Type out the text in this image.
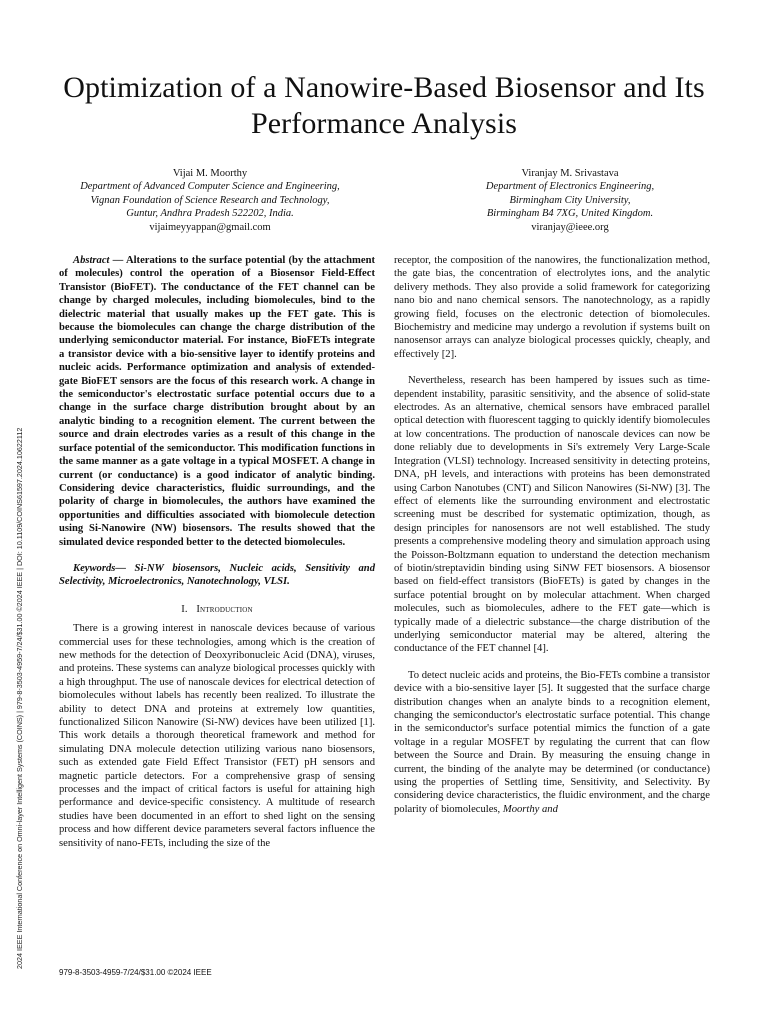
Optimization of a Nanowire-Based Biosensor and Its Performance Analysis
Vijai M. Moorthy
Department of Advanced Computer Science and Engineering,
Vignan Foundation of Science Research and Technology,
Guntur, Andhra Pradesh 522202, India.
vijaimeyyappan@gmail.com
Viranjay M. Srivastava
Department of Electronics Engineering,
Birmingham City University,
Birmingham B4 7XG, United Kingdom.
viranjay@ieee.org
2024 IEEE International Conference on Omni-layer Intelligent Systems (COINS) | 979-8-3503-4959-7/24/$31.00 ©2024 IEEE | DOI: 10.1109/COINS61597.2024.10622112

Abstract — Alterations to the surface potential (by the attachment of molecules) control the operation of a Biosensor Field-Effect Transistor (BioFET). The conductance of the FET channel can be change by charged molecules, including biomolecules, bind to the dielectric material that usually makes up the FET gate. This is because the biomolecules can change the charge distribution of the underlying semiconductor material. For instance, BioFETs integrate a transistor device with a bio-sensitive layer to identify proteins and nucleic acids. Performance optimization and analysis of extended-gate BioFET sensors are the focus of this research work. A change in the semiconductor's electrostatic surface potential occurs due to a change in the surface charge distribution brought about by an analytic binding to a recognition element. The current between the source and drain electrodes varies as a result of this change in the surface potential of the semiconductor. This modification functions in the same manner as a gate voltage in a typical MOSFET. A change in current (or conductance) is a good indicator of analytic binding. Considering device characteristics, fluidic surroundings, and the polarity of charge in biomolecules, the authors have examined the opportunities and difficulties associated with biomolecule detection using Si-Nanowire (NW) biosensors. The results showed that the simulated device responded better to the detected biomolecules.

Keywords— Si-NW biosensors, Nucleic acids, Sensitivity and Selectivity, Microelectronics, Nanotechnology, VLSI.

I. Introduction

There is a growing interest in nanoscale devices because of various commercial uses for these technologies, among which is the creation of new methods for the detection of Deoxyribonucleic Acid (DNA), viruses, and proteins. These systems can analyze biological processes quickly with a high throughput. The use of nanoscale devices for electrical detection of biomolecules without labels has recently been realized. To illustrate the ability to detect DNA and proteins at extremely low quantities, functionalized Silicon Nanowire (Si-NW) devices have been utilized [1]. This work details a thorough theoretical framework and method for simulating DNA molecule detection utilizing various nano biosensors, such as extended gate Field Effect Transistor (FET) pH sensors and magnetic particle detectors. For a comprehensive grasp of sensing processes and the impact of critical factors is useful for attaining high performance and device-specific consistency. A multitude of research studies have been documented in an effort to shed light on the sensing process and how different device parameters several factors influence the sensitivity of nano-FETs, including the size of the

receptor, the composition of the nanowires, the functionalization method, the gate bias, the concentration of electrolytes ions, and the analytic delivery methods. They also provide a solid framework for categorizing nano bio and nano chemical sensors. The nanotechnology, as a rapidly growing field, focuses on the electronic detection of biomolecules. Biochemistry and medicine may undergo a revolution if systems built on nanosensor arrays can analyze biological processes quickly, cheaply, and effectively [2].

Nevertheless, research has been hampered by issues such as time-dependent instability, parasitic sensitivity, and the absence of solid-state electrodes. As an alternative, chemical sensors have embraced parallel optical detection with fluorescent tagging to quickly identify biomolecules at low concentrations. The production of nanoscale devices can now be done reliably due to developments in Si's extremely Very Large-Scale Integration (VLSI) technology. Increased sensitivity in detecting proteins, DNA, pH levels, and interactions with proteins has been demonstrated using Carbon Nanotubes (CNT) and Silicon Nanowires (Si-NW) [3]. The effect of elements like the surrounding environment and electrostatic screening must be described for systematic optimization, though, as design principles for nanosensors are not well established. The study presents a comprehensive modeling theory and simulation approach using the Poisson-Boltzmann equation to understand the detection mechanism of biotin/streptavidin binding using SiNW FET biosensors. A biosensor based on field-effect transistors (BioFETs) is gated by changes in the surface potential brought on by molecular attachment. When charged molecules, such as biomolecules, adhere to the FET gate—which is typically made of a dielectric substance—the charge distribution of the underlying semiconductor material may be altered, altering the conductance of the FET channel [4].

To detect nucleic acids and proteins, the Bio-FETs combine a transistor device with a bio-sensitive layer [5]. It suggested that the surface charge distribution changes when an analyte binds to a recognition element, changing the semiconductor's electrostatic surface potential. This change in the semiconductor's surface potential mimics the function of a gate voltage in a regular MOSFET by regulating the current that can flow between the Source and Drain. By measuring the ensuing change in current, the binding of the analyte may be determined (or conductance) using the properties of Settling time, Sensitivity, and Selectivity. By considering device characteristics, the fluidic environment, and the charge polarity of biomolecules, Moorthy and

979-8-3503-4959-7/24/$31.00 ©2024 IEEE
